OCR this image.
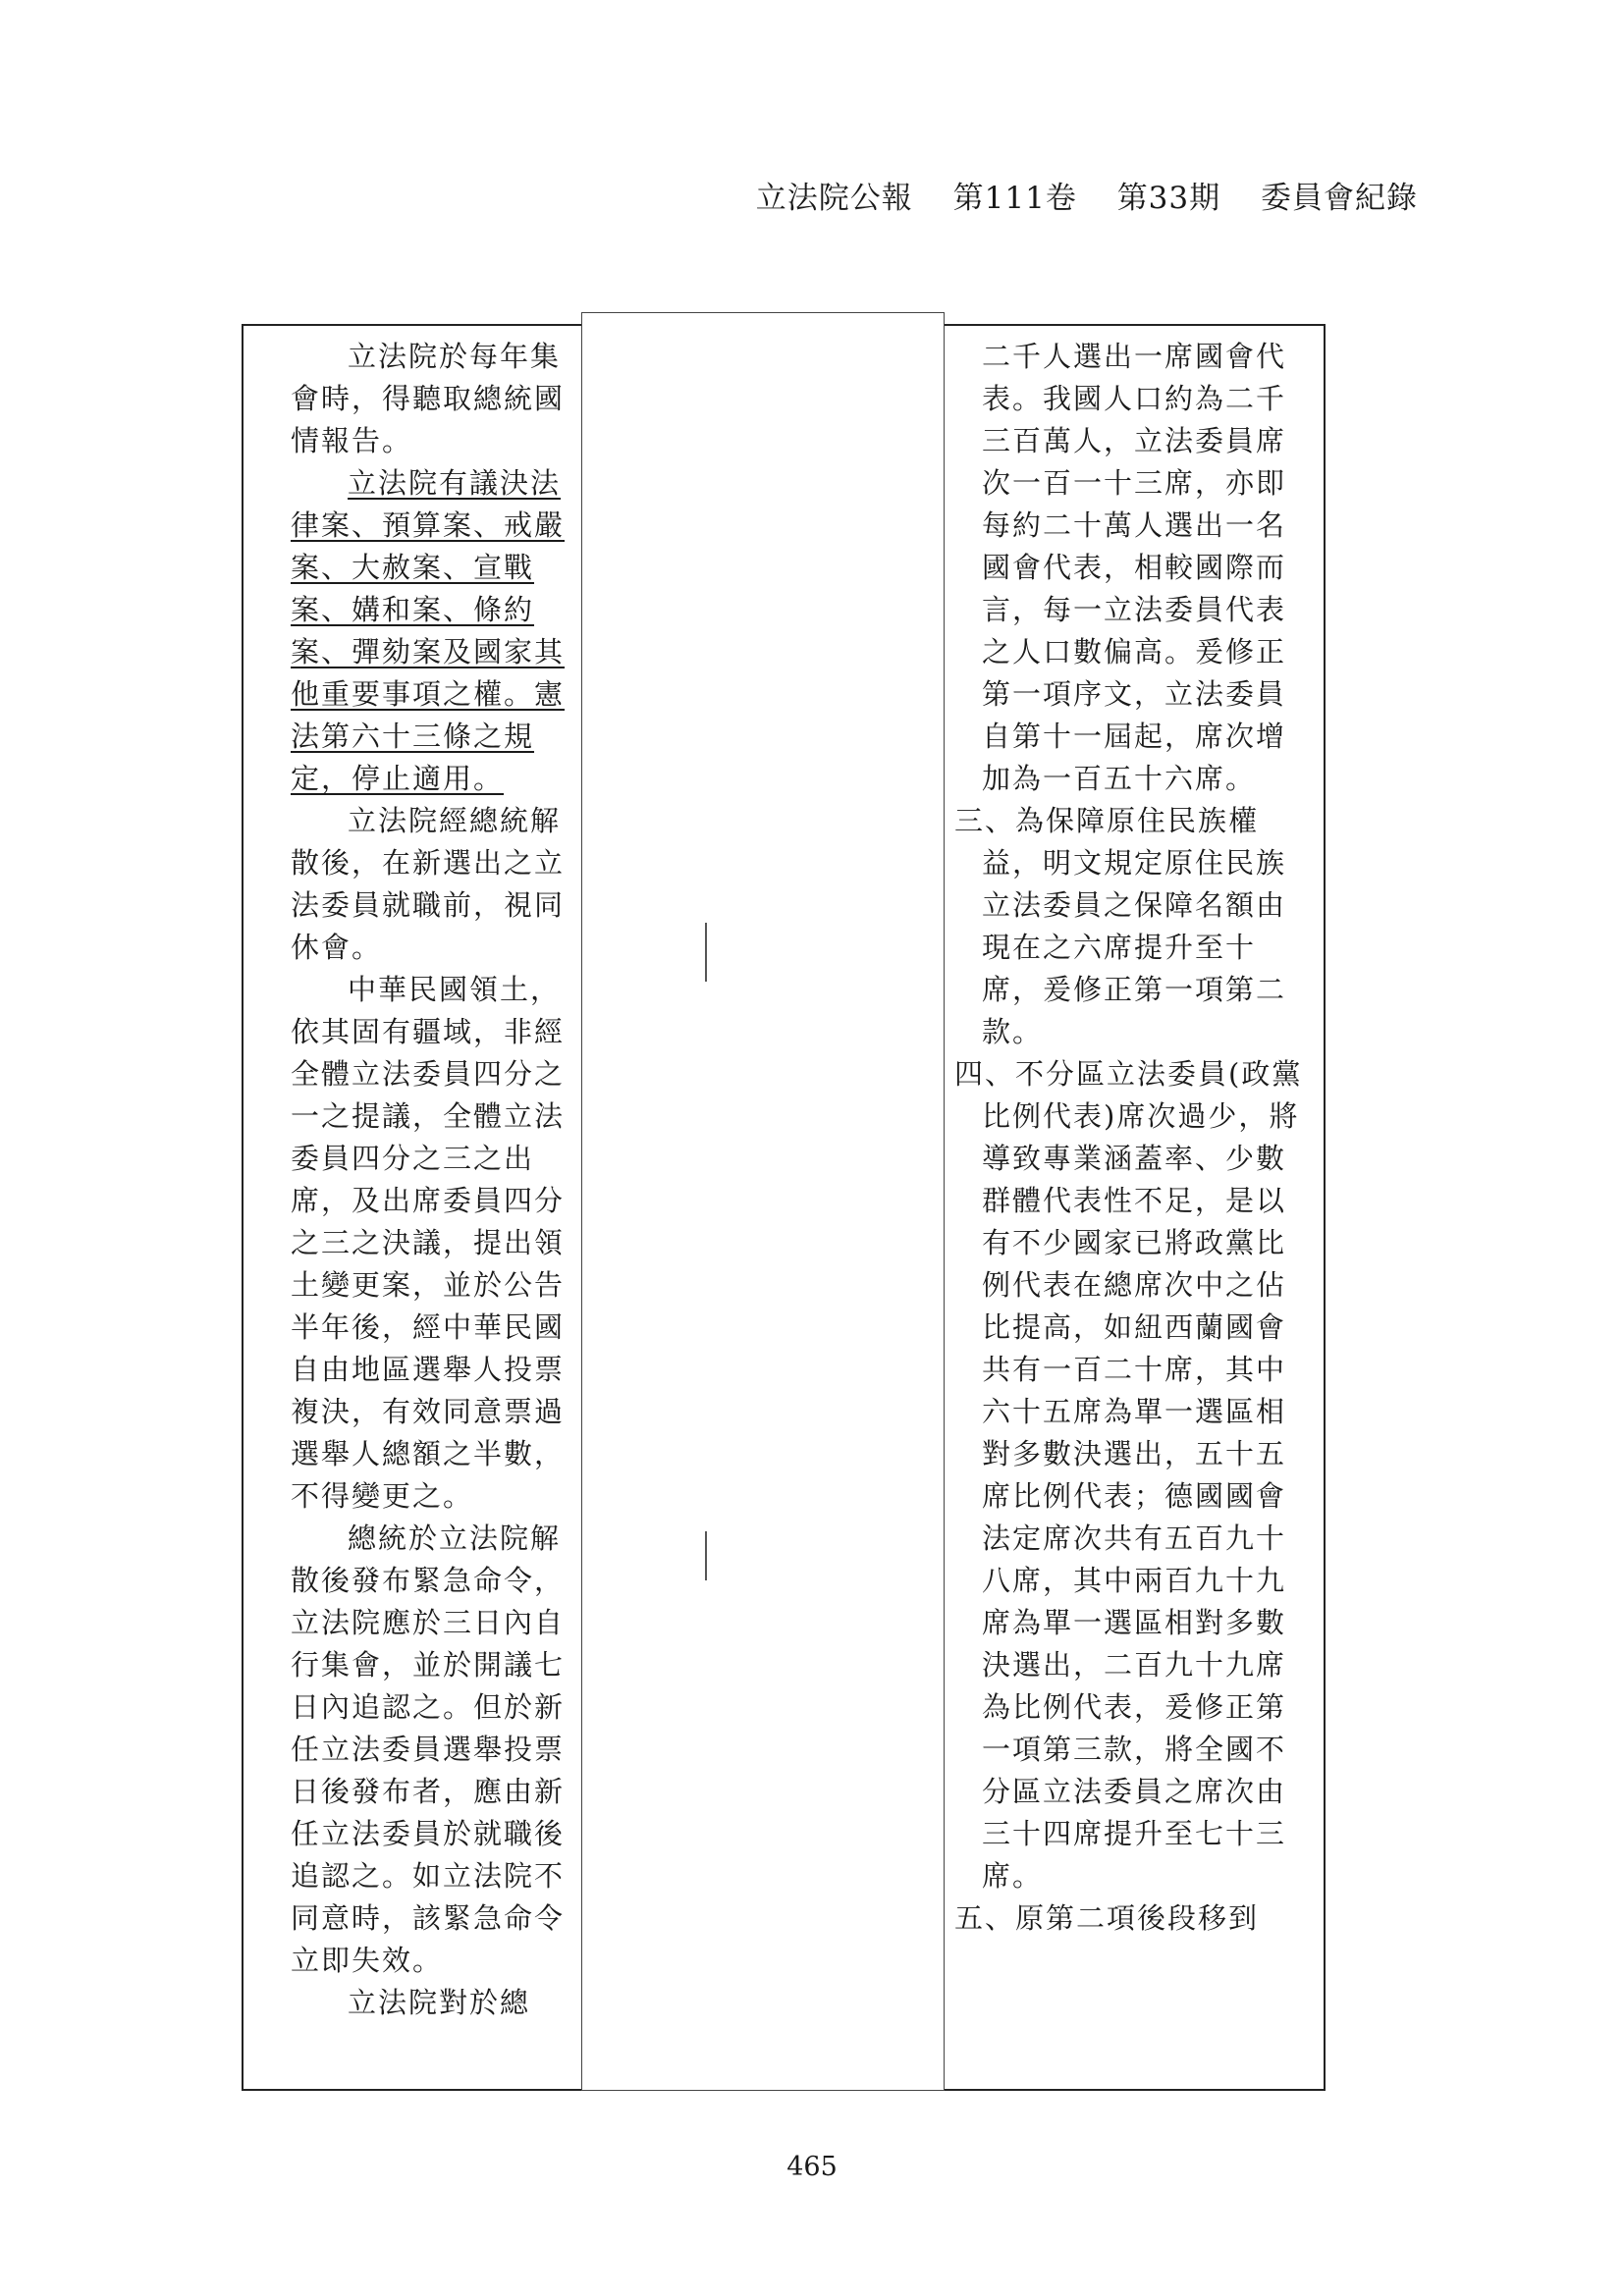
立法院公報 第111卷 第33期 委員會紀錄

立法院於每年集會時，得聽取總統國情報告。

立法院有議決法律案、預算案、戒嚴案、大赦案、宣戰案、媾和案、條約案、彈劾案及國家其他重要事項之權。憲法第六十三條之規定，停止適用。

立法院經總統解散後，在新選出之立法委員就職前，視同休會。

中華民國領土，依其固有疆域，非經全體立法委員四分之一之提議，全體立法委員四分之三之出席，及出席委員四分之三之決議，提出領土變更案，並於公告半年後，經中華民國自由地區選舉人投票複決，有效同意票過選舉人總額之半數，不得變更之。

總統於立法院解散後發布緊急命令，立法院應於三日內自行集會，並於開議七日內追認之。但於新任立法委員選舉投票日後發布者，應由新任立法委員於就職後追認之。如立法院不同意時，該緊急命令立即失效。

立法院對於總

二千人選出一席國會代表。我國人口約為二千三百萬人，立法委員席次一百一十三席，亦即每約二十萬人選出一名國會代表，相較國際而言，每一立法委員代表之人口數偏高。爰修正第一項序文，立法委員自第十一屆起，席次增加為一百五十六席。

三、為保障原住民族權益，明文規定原住民族立法委員之保障名額由現在之六席提升至十席，爰修正第一項第二款。

四、不分區立法委員(政黨比例代表)席次過少，將導致專業涵蓋率、少數群體代表性不足，是以有不少國家已將政黨比例代表在總席次中之佔比提高，如紐西蘭國會共有一百二十席，其中六十五席為單一選區相對多數決選出，五十五席比例代表；德國國會法定席次共有五百九十八席，其中兩百九十九席為單一選區相對多數決選出，二百九十九席為比例代表，爰修正第一項第三款，將全國不分區立法委員之席次由三十四席提升至七十三席。

五、原第二項後段移到

465
